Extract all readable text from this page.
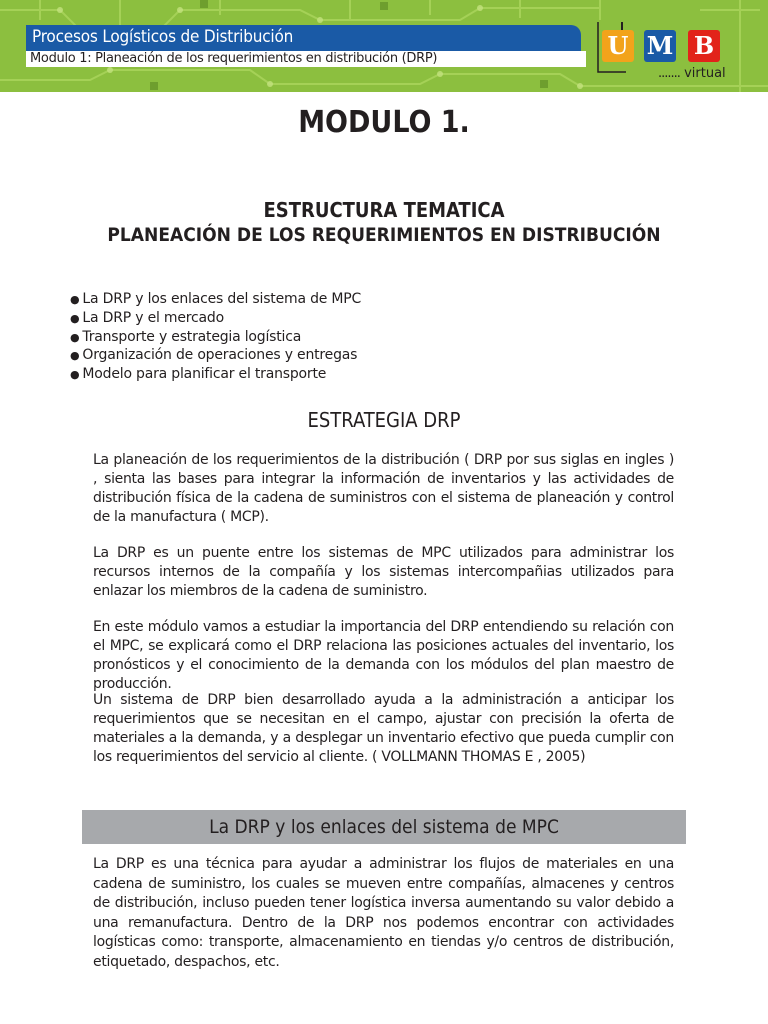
Procesos Logísticos de Distribución
Modulo 1: Planeación de los requerimientos en distribución (DRP)	U M B
....... virtual
MODULO 1.
ESTRUCTURA TEMATICA
PLANEACIÓN DE LOS REQUERIMIENTOS EN DISTRIBUCIÓN
● La DRP y los enlaces del sistema de MPC
● La DRP y el mercado
● Transporte y estrategia logística
● Organización de operaciones y entregas
● Modelo para planificar el transporte
ESTRATEGIA DRP

La planeación de los requerimientos de la distribución ( DRP por sus siglas en ingles ) , sienta las bases para integrar la información de inventarios y las actividades de distribución física de la cadena de suministros con el sistema de planeación y control de la manufactura ( MCP).

La DRP es un puente entre los sistemas de MPC utilizados para administrar los recursos internos de la compañía y los sistemas intercompañias utilizados para enlazar los miembros de la cadena de suministro.

En este módulo vamos a estudiar la importancia del DRP entendiendo su relación con el MPC, se explicará como el DRP relaciona las posiciones actuales del inventario, los pronósticos y el conocimiento de la demanda con los módulos del plan maestro de producción.

Un sistema de DRP bien desarrollado ayuda a la administración a anticipar los requerimientos que se necesitan en el campo, ajustar con precisión la oferta de materiales a la demanda, y a desplegar un inventario efectivo que pueda cumplir con los requerimientos del servicio al cliente. ( VOLLMANN THOMAS E , 2005)

La DRP y los enlaces del sistema de MPC

La DRP es una técnica para ayudar a administrar los flujos de materiales en una cadena de suministro, los cuales se mueven entre compañías, almacenes y centros de distribución, incluso pueden tener logística inversa aumentando su valor debido a una remanufactura. Dentro de la DRP nos podemos encontrar con actividades logísticas como: transporte, almacenamiento en tiendas y/o centros de distribución, etiquetado, despachos, etc.
